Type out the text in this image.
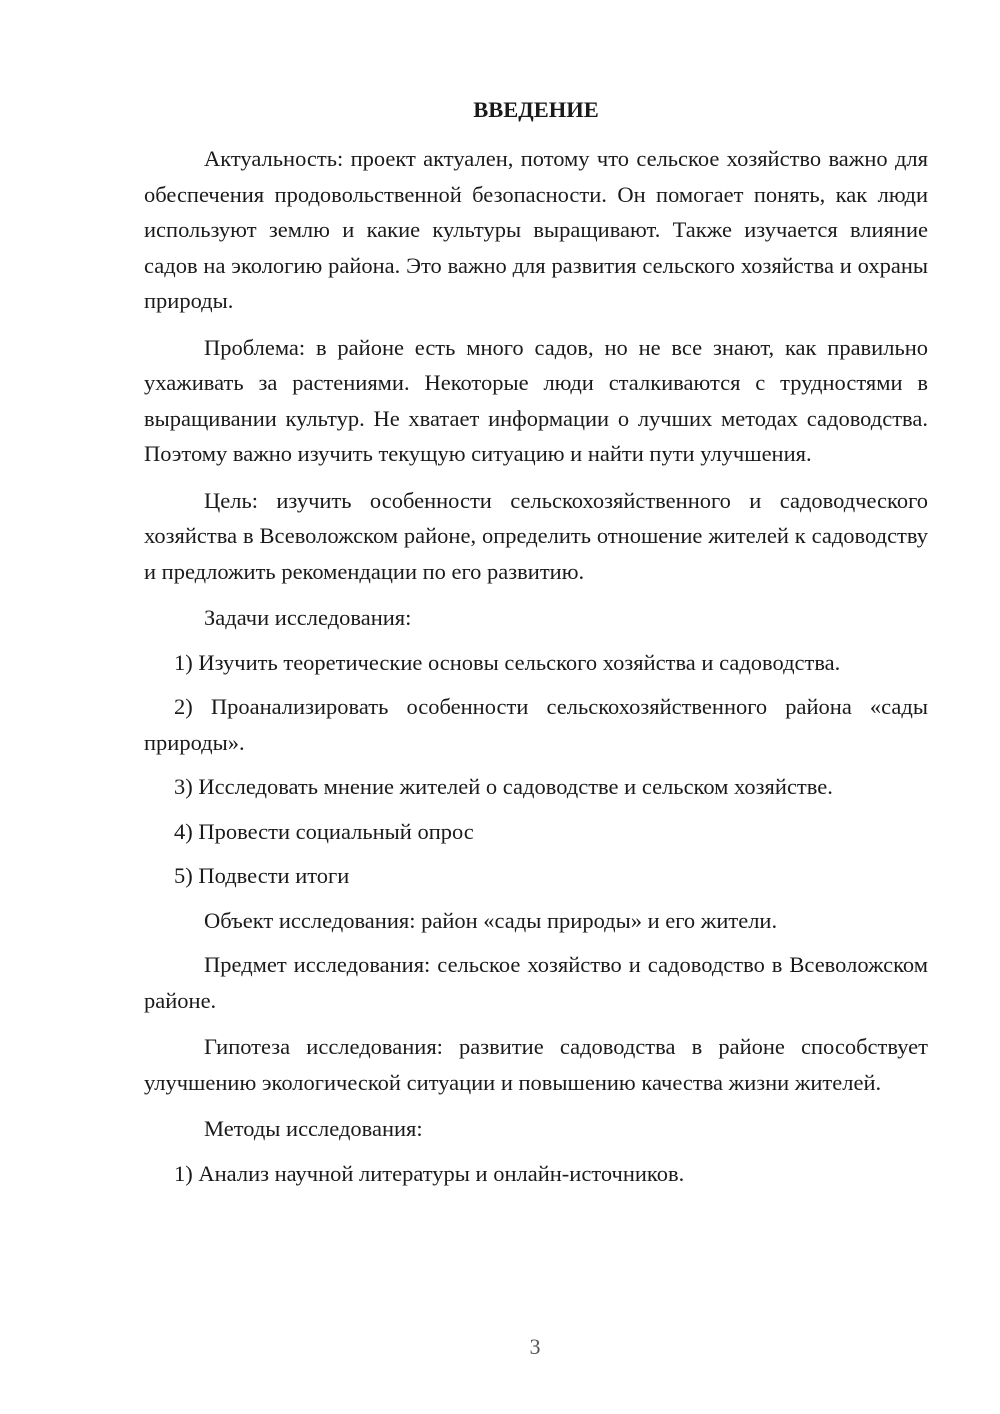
ВВЕДЕНИЕ

Актуальность: проект актуален, потому что сельское хозяйство важно для обеспечения продовольственной безопасности. Он помогает понять, как люди используют землю и какие культуры выращивают. Также изучается влияние садов на экологию района. Это важно для развития сельского хозяйства и охраны природы.

Проблема: в районе есть много садов, но не все знают, как правильно ухаживать за растениями. Некоторые люди сталкиваются с трудностями в выращивании культур. Не хватает информации о лучших методах садоводства. Поэтому важно изучить текущую ситуацию и найти пути улучшения.

Цель: изучить особенности сельскохозяйственного и садоводческого хозяйства в Всеволожском районе, определить отношение жителей к садоводству и предложить рекомендации по его развитию.

Задачи исследования:

1) Изучить теоретические основы сельского хозяйства и садоводства.

2) Проанализировать особенности сельскохозяйственного района «сады природы».

3) Исследовать мнение жителей о садоводстве и сельском хозяйстве.

4) Провести социальный опрос

5) Подвести итоги

Объект исследования: район «сады природы» и его жители.

Предмет исследования: сельское хозяйство и садоводство в Всеволожском районе.

Гипотеза исследования: развитие садоводства в районе способствует улучшению экологической ситуации и повышению качества жизни жителей.

Методы исследования:

1) Анализ научной литературы и онлайн-источников.

3
